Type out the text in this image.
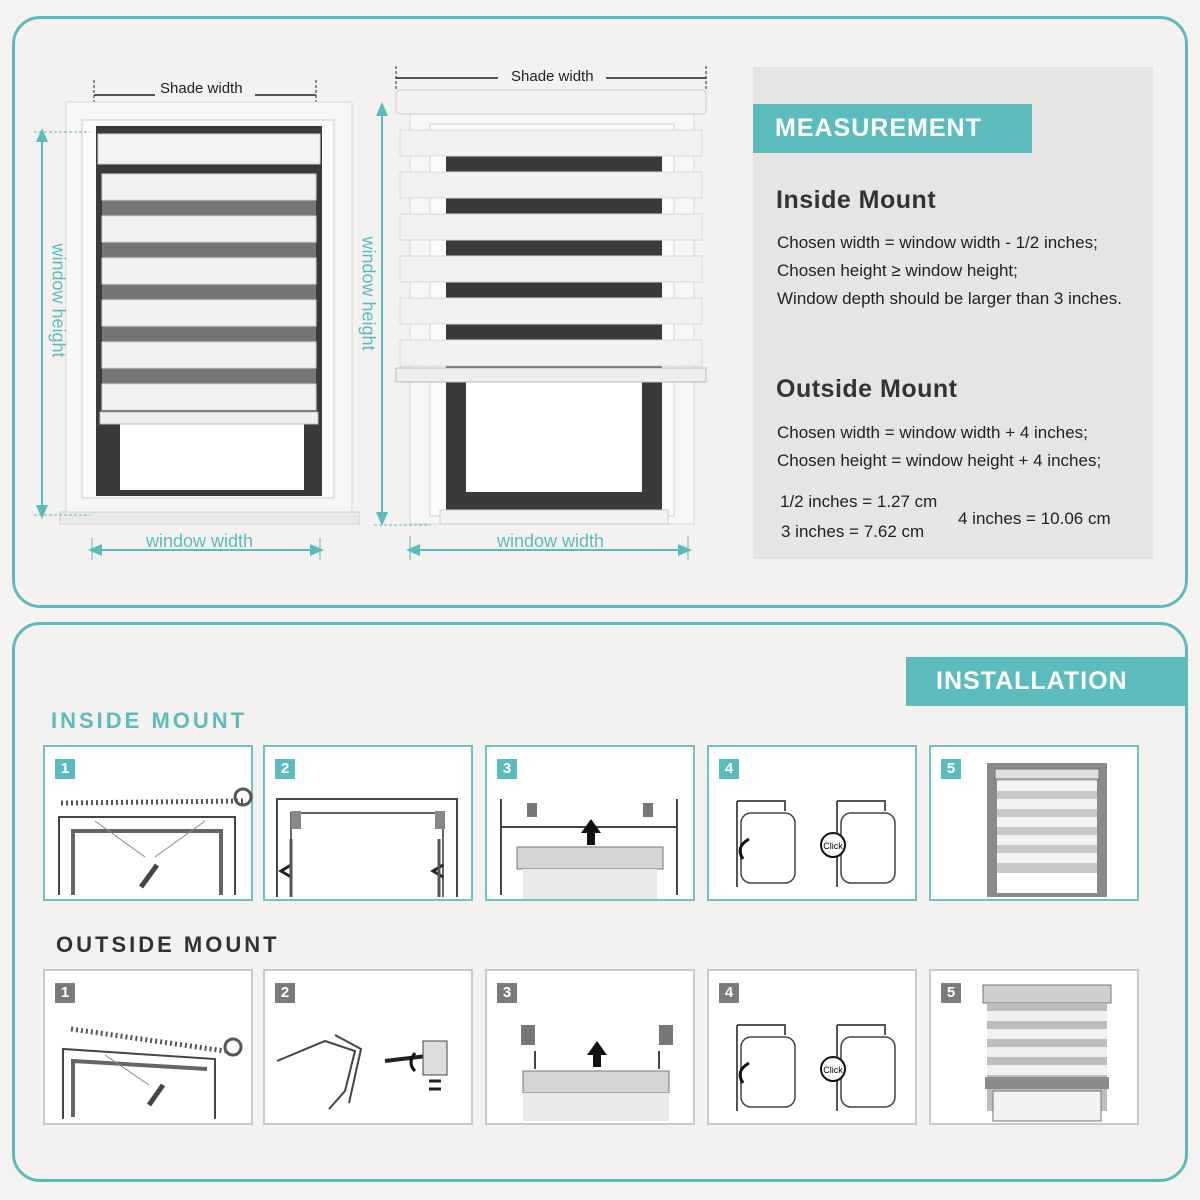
Shade width
window height
window width
Shade width
window height
window width
MEASUREMENT
Inside Mount
Chosen width = window width - 1/2 inches;
Chosen height ≥ window height;
Window depth should be larger than 3 inches.
Outside Mount
Chosen width = window width + 4 inches;
Chosen height = window height + 4 inches;
1/2 inches = 1.27 cm
3 inches = 7.62 cm
4 inches = 10.06 cm
INSTALLATION
INSIDE MOUNT
OUTSIDE MOUNT
1	2	3	4
Click
5
1	2	3	4
Click
5
